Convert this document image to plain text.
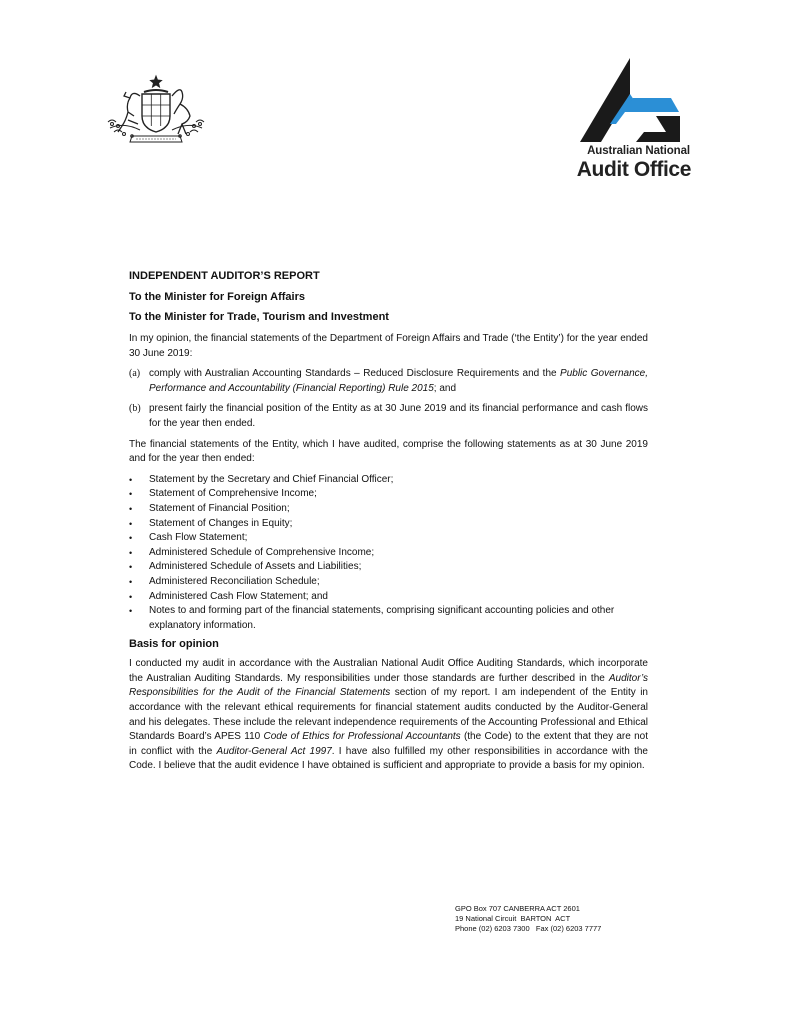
Australian National
Audit Office
INDEPENDENT AUDITOR’S REPORT
To the Minister for Foreign Affairs
To the Minister for Trade, Tourism and Investment

In my opinion, the financial statements of the Department of Foreign Affairs and Trade (‘the Entity’) for the year ended 30 June 2019:

(a) comply with Australian Accounting Standards – Reduced Disclosure Requirements and the Public Governance, Performance and Accountability (Financial Reporting) Rule 2015; and
(b) present fairly the financial position of the Entity as at 30 June 2019 and its financial performance and cash flows for the year then ended.

The financial statements of the Entity, which I have audited, comprise the following statements as at 30 June 2019 and for the year then ended:

•	Statement by the Secretary and Chief Financial Officer;
•	Statement of Comprehensive Income;
•	Statement of Financial Position;
•	Statement of Changes in Equity;
•	Cash Flow Statement;
•	Administered Schedule of Comprehensive Income;
•	Administered Schedule of Assets and Liabilities;
•	Administered Reconciliation Schedule;
•	Administered Cash Flow Statement; and
•	Notes to and forming part of the financial statements, comprising significant accounting policies and other explanatory information.
Basis for opinion

I conducted my audit in accordance with the Australian National Audit Office Auditing Standards, which incorporate the Australian Auditing Standards. My responsibilities under those standards are further described in the Auditor’s Responsibilities for the Audit of the Financial Statements section of my report. I am independent of the Entity in accordance with the relevant ethical requirements for financial statement audits conducted by the Auditor-General and his delegates. These include the relevant independence requirements of the Accounting Professional and Ethical Standards Board’s APES 110 Code of Ethics for Professional Accountants (the Code) to the extent that they are not in conflict with the Auditor-General Act 1997. I have also fulfilled my other responsibilities in accordance with the Code. I believe that the audit evidence I have obtained is sufficient and appropriate to provide a basis for my opinion.

GPO Box 707 CANBERRA ACT 2601
19 National Circuit  BARTON  ACT
Phone (02) 6203 7300   Fax (02) 6203 7777
